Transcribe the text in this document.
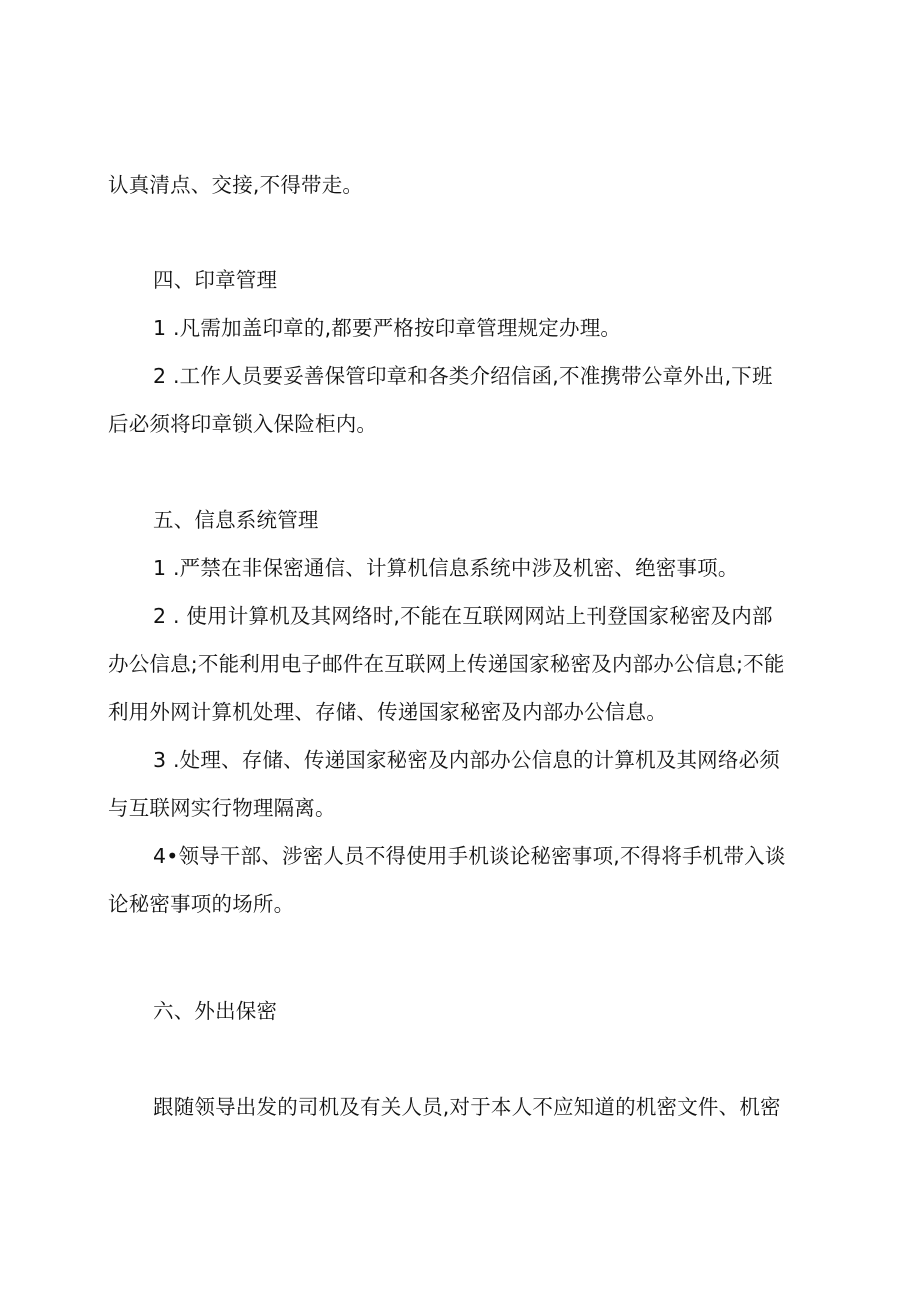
认真清点、交接,不得带走。
四、印章管理
1 .凡需加盖印章的,都要严格按印章管理规定办理。
2 .工作人员要妥善保管印章和各类介绍信函,不准携带公章外出,下班
后必须将印章锁入保险柜内。
五、信息系统管理
1 .严禁在非保密通信、计算机信息系统中涉及机密、绝密事项。
2 . 使用计算机及其网络时,不能在互联网网站上刊登国家秘密及内部
办公信息;不能利用电子邮件在互联网上传递国家秘密及内部办公信息;不能
利用外网计算机处理、存储、传递国家秘密及内部办公信息。
3 .处理、存储、传递国家秘密及内部办公信息的计算机及其网络必须
与互联网实行物理隔离。
4•领导干部、涉密人员不得使用手机谈论秘密事项,不得将手机带入谈
论秘密事项的场所。
六、外出保密
跟随领导出发的司机及有关人员,对于本人不应知道的机密文件、机密
